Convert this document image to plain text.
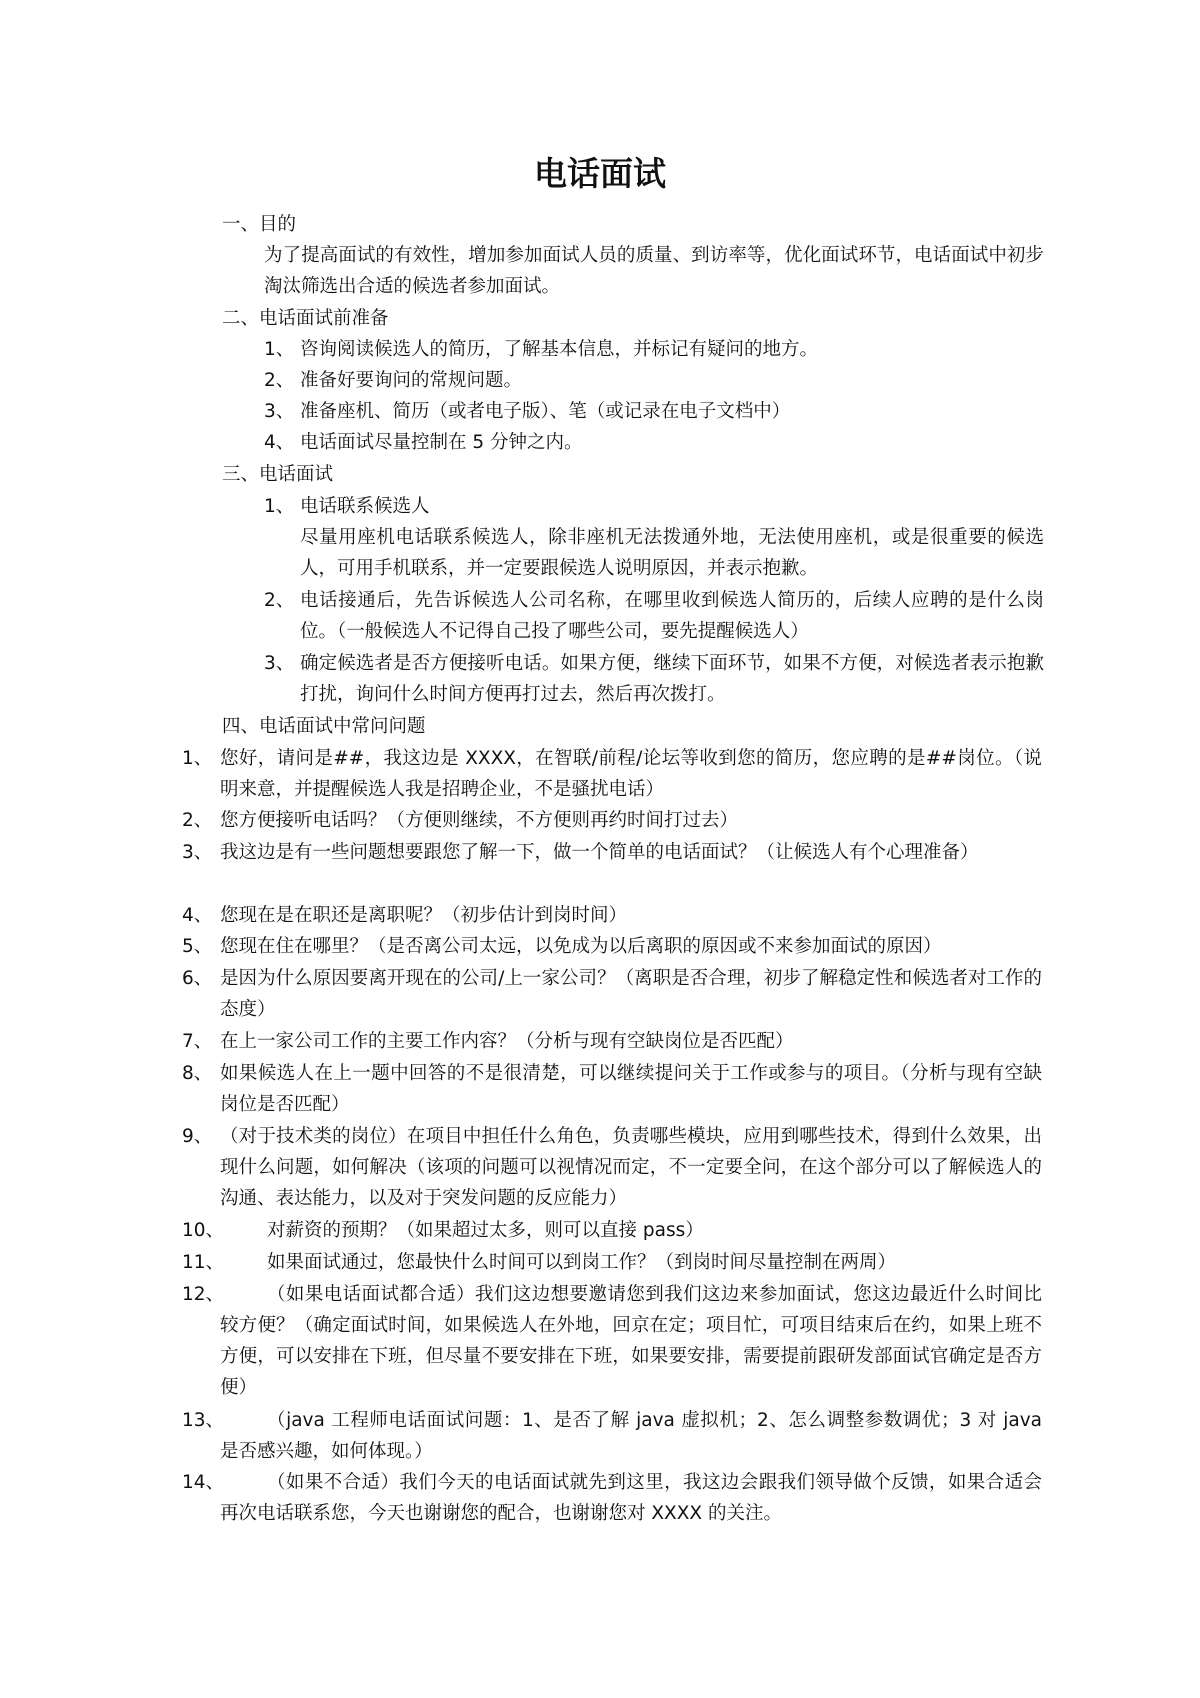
电话面试
一、目的
为了提高面试的有效性，增加参加面试人员的质量、到访率等，优化面试环节，电话面试中初步淘汰筛选出合适的候选者参加面试。
二、电话面试前准备
1、 咨询阅读候选人的简历，了解基本信息，并标记有疑问的地方。
2、 准备好要询问的常规问题。
3、 准备座机、简历（或者电子版）、笔（或记录在电子文档中）
4、 电话面试尽量控制在 5 分钟之内。
三、电话面试
1、 电话联系候选人
尽量用座机电话联系候选人，除非座机无法拨通外地，无法使用座机，或是很重要的候选人，可用手机联系，并一定要跟候选人说明原因，并表示抱歉。
2、 电话接通后，先告诉候选人公司名称，在哪里收到候选人简历的，后续人应聘的是什么岗位。（一般候选人不记得自己投了哪些公司，要先提醒候选人）
3、 确定候选者是否方便接听电话。如果方便，继续下面环节，如果不方便，对候选者表示抱歉打扰，询问什么时间方便再打过去，然后再次拨打。
四、电话面试中常问问题
1、 您好，请问是##，我这边是 XXXX，在智联/前程/论坛等收到您的简历，您应聘的是##岗位。（说明来意，并提醒候选人我是招聘企业，不是骚扰电话）
2、 您方便接听电话吗？（方便则继续，不方便则再约时间打过去）
3、 我这边是有一些问题想要跟您了解一下，做一个简单的电话面试？（让候选人有个心理准备）
4、 您现在是在职还是离职呢？（初步估计到岗时间）
5、 您现在住在哪里？（是否离公司太远，以免成为以后离职的原因或不来参加面试的原因）
6、 是因为什么原因要离开现在的公司/上一家公司？（离职是否合理，初步了解稳定性和候选者对工作的态度）
7、 在上一家公司工作的主要工作内容？（分析与现有空缺岗位是否匹配）
8、 如果候选人在上一题中回答的不是很清楚，可以继续提问关于工作或参与的项目。（分析与现有空缺岗位是否匹配）
9、 （对于技术类的岗位）在项目中担任什么角色，负责哪些模块，应用到哪些技术，得到什么效果，出现什么问题，如何解决（该项的问题可以视情况而定，不一定要全问，在这个部分可以了解候选人的沟通、表达能力，以及对于突发问题的反应能力）
10、	对薪资的预期？（如果超过太多，则可以直接 pass）
11、	如果面试通过，您最快什么时间可以到岗工作？（到岗时间尽量控制在两周）
12、	（如果电话面试都合适）我们这边想要邀请您到我们这边来参加面试，您这边最近什么时间比较方便？（确定面试时间，如果候选人在外地，回京在定；项目忙，可项目结束后在约，如果上班不方便，可以安排在下班，但尽量不要安排在下班，如果要安排，需要提前跟研发部面试官确定是否方便）
13、	（java 工程师电话面试问题：1、是否了解 java 虚拟机；2、怎么调整参数调优；3 对 java 是否感兴趣，如何体现。）
14、	（如果不合适）我们今天的电话面试就先到这里，我这边会跟我们领导做个反馈，如果合适会再次电话联系您，今天也谢谢您的配合，也谢谢您对 XXXX 的关注。
